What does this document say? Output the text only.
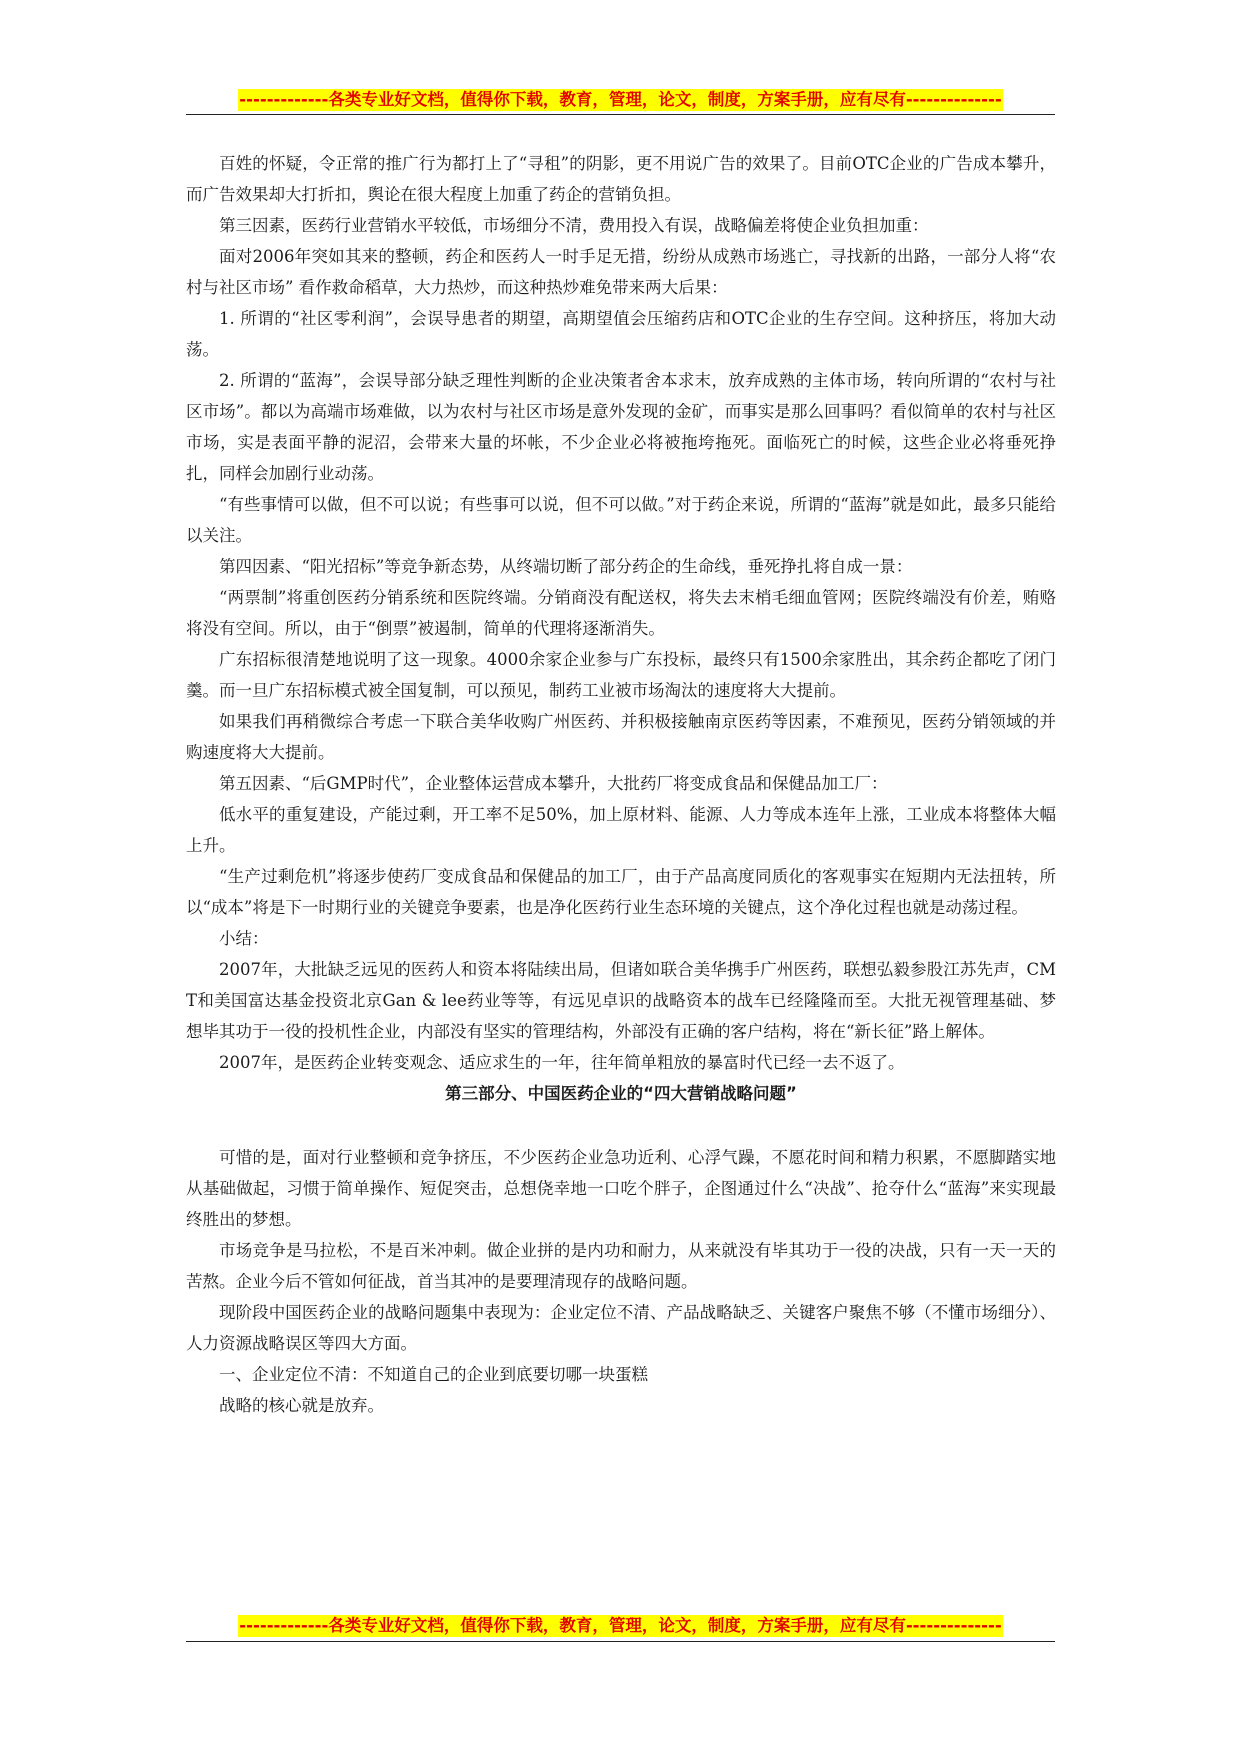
-------------各类专业好文档，值得你下载，教育，管理，论文，制度，方案手册，应有尽有--------------

百姓的怀疑，令正常的推广行为都打上了“寻租”的阴影，更不用说广告的效果了。目前OTC企业的广告成本攀升，而广告效果却大打折扣，舆论在很大程度上加重了药企的营销负担。

第三因素，医药行业营销水平较低，市场细分不清，费用投入有误，战略偏差将使企业负担加重：

面对2006年突如其来的整顿，药企和医药人一时手足无措，纷纷从成熟市场逃亡，寻找新的出路，一部分人将“农村与社区市场” 看作救命稻草，大力热炒，而这种热炒难免带来两大后果：

1. 所谓的“社区零利润”，会误导患者的期望，高期望值会压缩药店和OTC企业的生存空间。这种挤压，将加大动荡。

2. 所谓的“蓝海”，会误导部分缺乏理性判断的企业决策者舍本求末，放弃成熟的主体市场，转向所谓的“农村与社区市场”。都以为高端市场难做，以为农村与社区市场是意外发现的金矿，而事实是那么回事吗？看似简单的农村与社区市场，实是表面平静的泥沼，会带来大量的坏帐，不少企业必将被拖垮拖死。面临死亡的时候，这些企业必将垂死挣扎，同样会加剧行业动荡。

“有些事情可以做，但不可以说；有些事可以说，但不可以做。”对于药企来说，所谓的“蓝海”就是如此，最多只能给以关注。

第四因素、“阳光招标”等竞争新态势，从终端切断了部分药企的生命线，垂死挣扎将自成一景：

“两票制”将重创医药分销系统和医院终端。分销商没有配送权，将失去末梢毛细血管网；医院终端没有价差，贿赂将没有空间。所以，由于“倒票”被遏制，简单的代理将逐渐消失。

广东招标很清楚地说明了这一现象。4000余家企业参与广东投标，最终只有1500余家胜出，其余药企都吃了闭门羹。而一旦广东招标模式被全国复制，可以预见，制药工业被市场淘汰的速度将大大提前。

如果我们再稍微综合考虑一下联合美华收购广州医药、并积极接触南京医药等因素，不难预见，医药分销领域的并购速度将大大提前。

第五因素、“后GMP时代”，企业整体运营成本攀升，大批药厂将变成食品和保健品加工厂：

低水平的重复建设，产能过剩，开工率不足50%，加上原材料、能源、人力等成本连年上涨，工业成本将整体大幅上升。

“生产过剩危机”将逐步使药厂变成食品和保健品的加工厂，由于产品高度同质化的客观事实在短期内无法扭转，所以“成本”将是下一时期行业的关键竞争要素，也是净化医药行业生态环境的关键点，这个净化过程也就是动荡过程。

小结：

2007年，大批缺乏远见的医药人和资本将陆续出局，但诸如联合美华携手广州医药，联想弘毅参股江苏先声，CMT和美国富达基金投资北京Gan & lee药业等等，有远见卓识的战略资本的战车已经隆隆而至。大批无视管理基础、梦想毕其功于一役的投机性企业，内部没有坚实的管理结构，外部没有正确的客户结构，将在“新长征”路上解体。

2007年，是医药企业转变观念、适应求生的一年，往年简单粗放的暴富时代已经一去不返了。

第三部分、中国医药企业的“四大营销战略问题”

可惜的是，面对行业整顿和竞争挤压，不少医药企业急功近利、心浮气躁，不愿花时间和精力积累，不愿脚踏实地从基础做起，习惯于简单操作、短促突击，总想侥幸地一口吃个胖子，企图通过什么“决战”、抢夺什么“蓝海”来实现最终胜出的梦想。

市场竞争是马拉松，不是百米冲刺。做企业拼的是内功和耐力，从来就没有毕其功于一役的决战，只有一天一天的苦熬。企业今后不管如何征战，首当其冲的是要理清现存的战略问题。

现阶段中国医药企业的战略问题集中表现为：企业定位不清、产品战略缺乏、关键客户聚焦不够（不懂市场细分）、人力资源战略误区等四大方面。

一、企业定位不清：不知道自己的企业到底要切哪一块蛋糕

战略的核心就是放弃。

-------------各类专业好文档，值得你下载，教育，管理，论文，制度，方案手册，应有尽有--------------
